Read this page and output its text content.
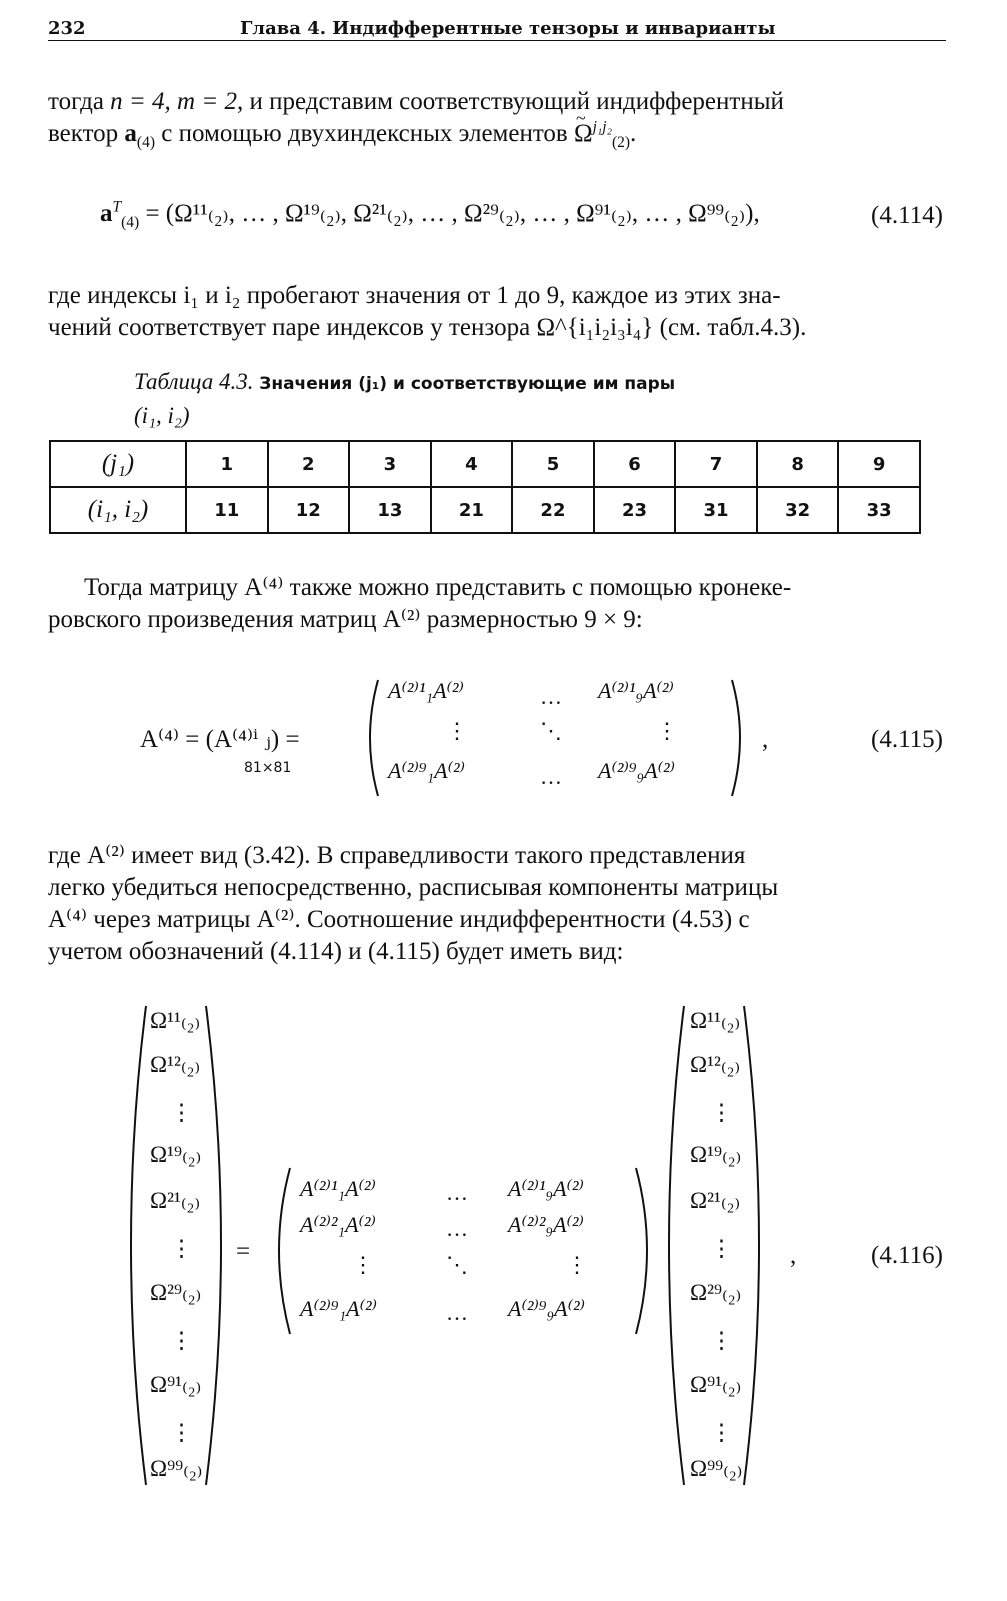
232	Глава 4. Индифферентные тензоры и инварианты
тогда n = 4, m = 2, и представим соответствующий индифферентный
вектор $a_{(4)}$ с помощью двухиндексных элементов ~ $\Omega^{j_1j_2}_{(2)}$.
$a^T_{(4)} = (\Omega^{11}_{(2)}$, … , Ω¹⁹₍₂₎, Ω²¹₍₂₎, … , Ω²⁹₍₂₎, … , Ω⁹¹₍₂₎, … , Ω⁹⁹₍₂₎),	(4.114)
где индексы i₁ и i₂ пробегают значения от 1 до 9, каждое из этих зна-
чений соответствует паре индексов у тензора Ω^{i₁i₂i₃i₄} (см. табл.4.3).
Таблица 4.3. Значения (j₁) и соответствующие им пары
(i₁, i₂)
(j₁)	1	2	3	4	5	6	7	8	9
(i₁, i₂)	11	12	13	21	22	23	31	32	33
Тогда матрицу A⁽⁴⁾ также можно представить с помощью кронеке-
ровского произведения матриц A⁽²⁾ размерностью 9 × 9:
A⁽⁴⁾ = (A⁽⁴⁾ⁱ ⱼ) =
81×81
A⁽²⁾¹₁A⁽²⁾	… A⁽²⁾¹₉A⁽²⁾
⋮	⋱	⋮
A⁽²⁾⁹₁A⁽²⁾	… A⁽²⁾⁹₉A⁽²⁾
,	(4.115)
где A⁽²⁾ имеет вид (3.42). В справедливости такого представления
легко убедиться непосредственно, расписывая компоненты матрицы
A⁽⁴⁾ через матрицы A⁽²⁾. Соотношение индифферентности (4.53) с
учетом обозначений (4.114) и (4.115) будет иметь вид:
Ω¹¹₍₂₎
Ω¹²₍₂₎
⋮
Ω¹⁹₍₂₎
Ω²¹₍₂₎
⋮
Ω²⁹₍₂₎
⋮
Ω⁹¹₍₂₎
⋮
Ω⁹⁹₍₂₎
=
A⁽²⁾¹₁A⁽²⁾	… A⁽²⁾¹₉A⁽²⁾
A⁽²⁾²₁A⁽²⁾	… A⁽²⁾²₉A⁽²⁾
⋮	⋱	⋮
A⁽²⁾⁹₁A⁽²⁾	… A⁽²⁾⁹₉A⁽²⁾
Ω¹¹₍₂₎
Ω¹²₍₂₎
⋮
Ω¹⁹₍₂₎
Ω²¹₍₂₎
⋮
Ω²⁹₍₂₎
⋮
Ω⁹¹₍₂₎
⋮
Ω⁹⁹₍₂₎
,	(4.116)
